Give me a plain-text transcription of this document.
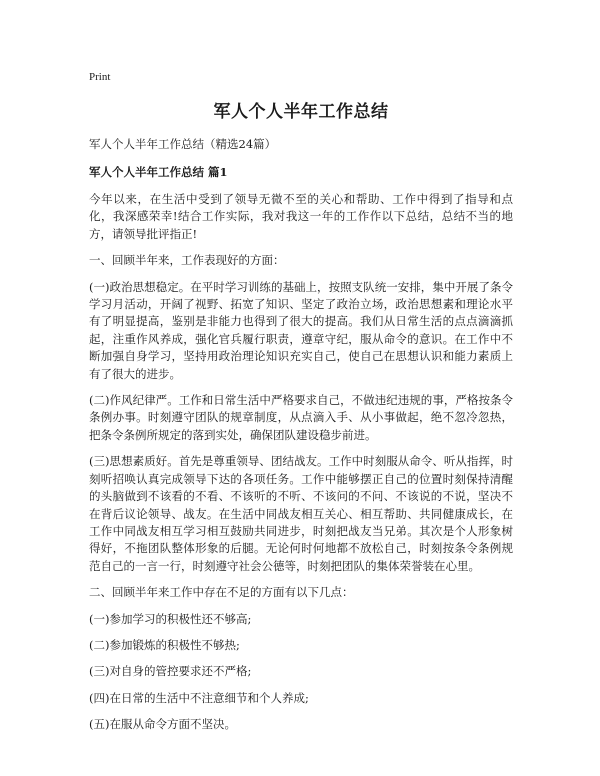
Print
军人个人半年工作总结
军人个人半年工作总结（精选24篇）
军人个人半年工作总结 篇1

今年以来，在生活中受到了领导无微不至的关心和帮助、工作中得到了指导和点化，我深感荣幸!结合工作实际，我对我这一年的工作作以下总结，总结不当的地方，请领导批评指正!

一、回顾半年来，工作表现好的方面：

(一)政治思想稳定。在平时学习训练的基础上，按照支队统一安排，集中开展了条令学习月活动，开阔了视野、拓宽了知识、坚定了政治立场，政治思想素和理论水平有了明显提高，鉴别是非能力也得到了很大的提高。我们从日常生活的点点滴滴抓起，注重作风养成，强化官兵履行职责，遵章守纪，服从命令的意识。在工作中不断加强自身学习，坚持用政治理论知识充实自己，使自己在思想认识和能力素质上有了很大的进步。

(二)作风纪律严。工作和日常生活中严格要求自己，不做违纪违规的事，严格按条令条例办事。时刻遵守团队的规章制度，从点滴入手、从小事做起，绝不忽冷忽热，把条令条例所规定的落到实处，确保团队建设稳步前进。

(三)思想素质好。首先是尊重领导、团结战友。工作中时刻服从命令、听从指挥，时刻听招唤认真完成领导下达的各项任务。工作中能够摆正自己的位置时刻保持清醒的头脑做到不该看的不看、不该听的不听、不该问的不问、不该说的不说，坚决不在背后议论领导、战友。在生活中同战友相互关心、相互帮助、共同健康成长，在工作中同战友相互学习相互鼓励共同进步，时刻把战友当兄弟。其次是个人形象树得好，不拖团队整体形象的后腿。无论何时何地都不放松自己，时刻按条令条例规范自己的一言一行，时刻遵守社会公德等，时刻把团队的集体荣誉装在心里。

二、回顾半年来工作中存在不足的方面有以下几点：

(一)参加学习的积极性还不够高;

(二)参加锻炼的积极性不够热;

(三)对自身的管控要求还不严格;

(四)在日常的生活中不注意细节和个人养成;

(五)在服从命令方面不坚决。
